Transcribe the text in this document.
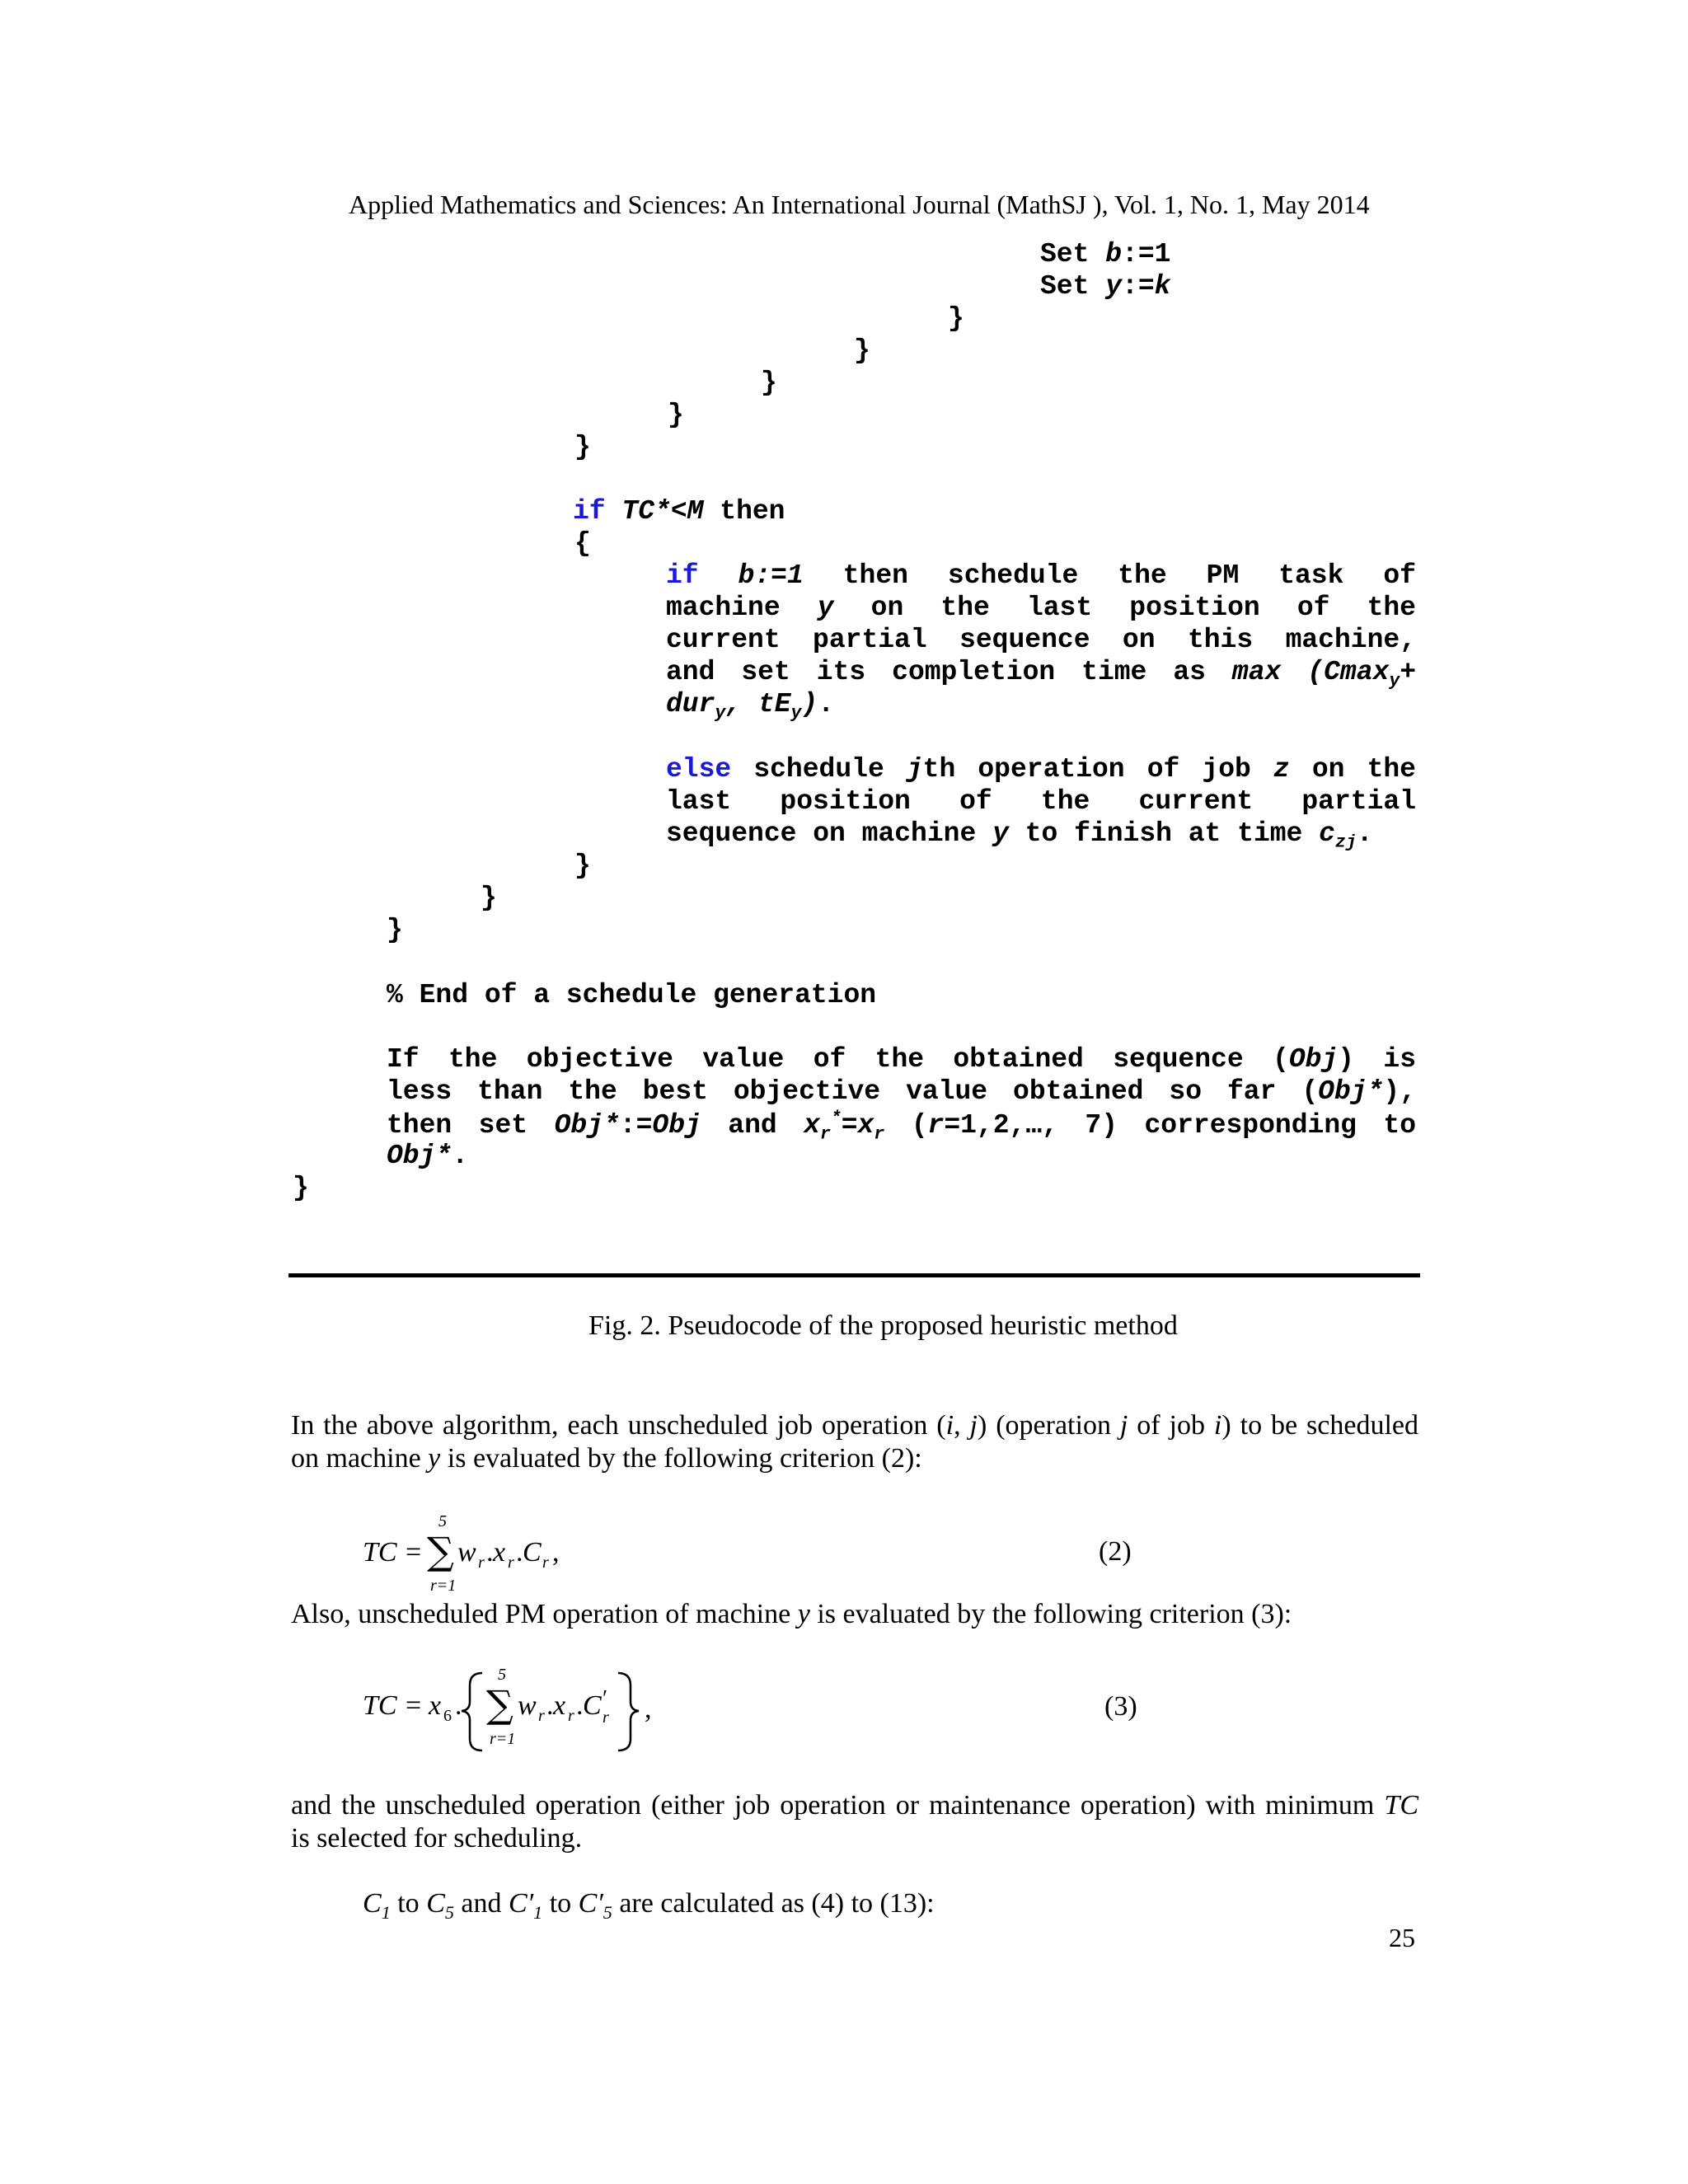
Applied Mathematics and Sciences: An International Journal (MathSJ ), Vol. 1, No. 1, May 2014
Set b:=1
Set y:=k
}
}
}
}
}
if TC*<M then
{
if b:=1 then schedule the PM task of
machine y on the last position of the
current partial sequence on this machine,
and set its completion time as max (Cmax$_y$+
dur$_y$, $tE_y$).
else schedule jth operation of job z on the
last position of the current partial
sequence on machine y to finish at time $c_{zj}$.
}
}
}
% End of a schedule generation
If the objective value of the obtained sequence (Obj) is
less than the best objective value obtained so far (Obj*),
then set Obj*:=Obj and $x_r^*=x_r$ (r=1,2,…, 7) corresponding to
Obj*.
}
Fig. 2. Pseudocode of the proposed heuristic method
In the above algorithm, each unscheduled job operation (i, j) (operation j of job i) to be scheduled
on machine y is evaluated by the following criterion (2):
TC = ∑
5
r=1
w r . x r . C r ,	(2)
Also, unscheduled PM operation of machine y is evaluated by the following criterion (3):
TC = x 6 . ∑
5
r=1
w r . x r . C ′
r ,	(3)
and the unscheduled operation (either job operation or maintenance operation) with minimum TC
is selected for scheduling.
$C_1$ to $C_5$ and $C'_1$ to $C'_5$ are calculated as (4) to (13):
25
